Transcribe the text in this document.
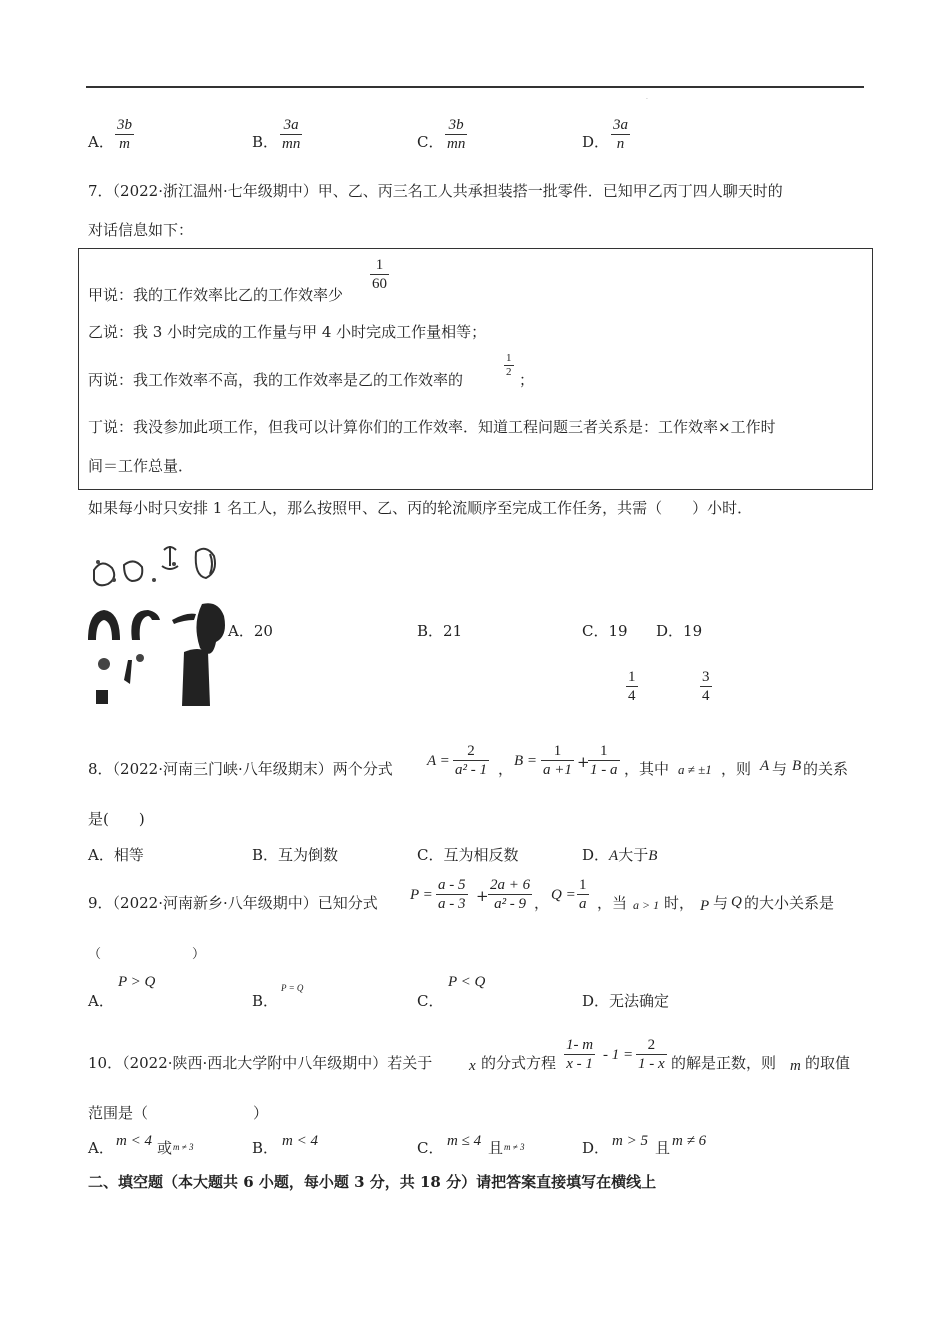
.
A． $\frac{3b}{m}$	B． $\frac{3a}{mn}$	C． $\frac{3b}{mn}$	D． $\frac{3a}{n}$
7．（2022·浙江温州·七年级期中）甲、乙、丙三名工人共承担装搭一批零件．已知甲乙丙丁四人聊天时的
对话信息如下：
甲说：我的工作效率比乙的工作效率少
$\frac{1}{60}$
乙说：我 3 小时完成的工作量与甲 4 小时完成工作量相等；
丙说：我工作效率不高，我的工作效率是乙的工作效率的
$\frac{1}{2}$
；
丁说：我没参加此项工作，但我可以计算你们的工作效率．知道工程问题三者关系是：工作效率×工作时
间＝工作总量．
如果每小时只安排 1 名工人，那么按照甲、乙、丙的轮流顺序至完成工作任务，共需（　　）小时．
A．20	B．21	C．19 D．19
$\frac{1}{4}$	$\frac{3}{4}$
8．（2022·河南三门峡·八年级期末）两个分式 $A = \frac{2}{\text{a² - 1}}$ ， $B = \frac{1}{a +1}$ +
$\frac{1}{1 - a}$ ，其中 a ≠ ±1 ，则 A 与 B 的关系
是(　　)
A．相等	B．互为倒数	C．互为相反数	D．A大于B
9．（2022·河南新乡·八年级期中）已知分式 $P = \frac{a - 5}{a - 3} + \frac{2a + 6}{\text{a² - 9}}$ ， $Q = \frac{1}{a}$ ，当 a > 1 时， P 与 Q 的大小关系是
（　　　　　　　）
A．
P > Q
B．
P = Q
C．
P < Q
D．无法确定
10．（2022·陕西·西北大学附中八年级期中）若关于 x 的分式方程 $\frac{1- m}{x - 1} - 1 = \frac{2}{1 - x}$ 的解是正数，则 m 的取值
范围是（　　　　　　　）
A． m < 4 或 m ≠ 3	B． m < 4	C． m ≤ 4 且 m ≠ 3	D． m > 5 且 m ≠ 6
二、填空题（本大题共 6 小题，每小题 3 分，共 18 分）请把答案直接填写在横线上
